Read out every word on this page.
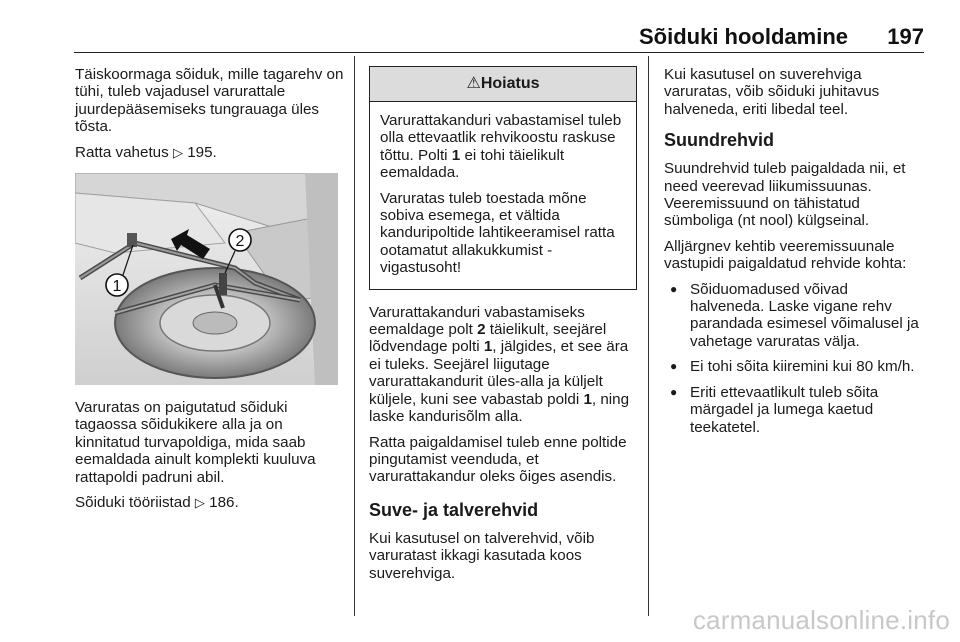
Sõiduki hooldamine 197

Täiskoormaga sõiduk, mille tagarehv on tühi, tuleb vajadusel varurattale juurdepääsemiseks tungrauaga üles tõsta.

Ratta vahetus ▷ 195.

1
2

Varuratas on paigutatud sõiduki tagaossa sõidukikere alla ja on kinnitatud turvapoldiga, mida saab eemaldada ainult komplekti kuuluva rattapoldi padruni abil.

Sõiduki tööriistad ▷ 186.

⚠Hoiatus

Varurattakanduri vabastamisel tuleb olla ettevaatlik rehvikoostu raskuse tõttu. Polti 1 ei tohi täielikult eemaldada.

Varuratas tuleb toestada mõne sobiva esemega, et vältida kanduripoltide lahtikeeramisel ratta ootamatut allakukkumist - vigastusoht!

Varurattakanduri vabastamiseks eemaldage polt 2 täielikult, seejärel lõdvendage polti 1, jälgides, et see ära ei tuleks. Seejärel liigutage varurattakandurit üles-alla ja küljelt küljele, kuni see vabastab poldi 1, ning laske kandurisõlm alla.

Ratta paigaldamisel tuleb enne poltide pingutamist veenduda, et varurattakandur oleks õiges asendis.

Suve- ja talverehvid

Kui kasutusel on talverehvid, võib varuratast ikkagi kasutada koos suverehviga.

Kui kasutusel on suverehviga varuratas, võib sõiduki juhitavus halveneda, eriti libedal teel.

Suundrehvid

Suundrehvid tuleb paigaldada nii, et need veerevad liikumissuunas. Veeremissuund on tähistatud sümboliga (nt nool) külgseinal.

Alljärgnev kehtib veeremissuunale vastupidi paigaldatud rehvide kohta:

● Sõiduomadused võivad halveneda. Laske vigane rehv parandada esimesel võimalusel ja vahetage varuratas välja.
● Ei tohi sõita kiiremini kui 80 km/h.
● Eriti ettevaatlikult tuleb sõita märgadel ja lumega kaetud teekatetel.
carmanualsonline.info
